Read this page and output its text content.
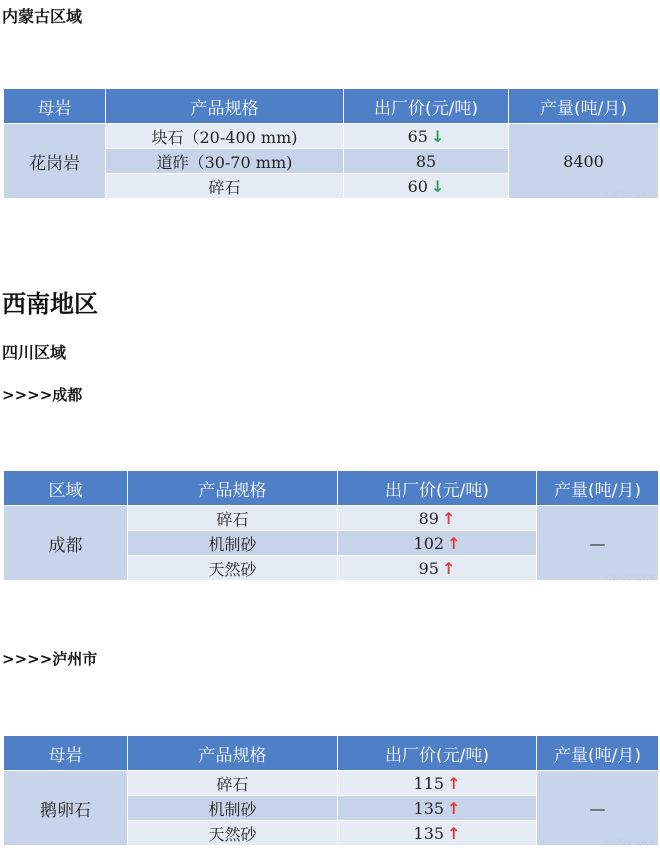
内蒙古区域

母岩	产品规格	出厂价(元/吨)	产量(吨/月)
花岗岩	块石（20-400 mm)	65 ↓	8400
	道砟（30-70 mm)	85	
	碎石	60 ↓		头条号/矿业机械

西南地区

四川区域

>>>>成都

区域	产品规格	出厂价(元/吨)	产量(吨/月)
成都	碎石	89 ↑	—
	机制砂	102 ↑	
	天然砂	95 ↑	
头条号/矿业机械

>>>>泸州市

母岩	产品规格	出厂价(元/吨)	产量(吨/月)
鹅卵石	碎石	115 ↑	—
	机制砂	135 ↑	
	天然砂	135 ↑	
头条号/矿业机械
